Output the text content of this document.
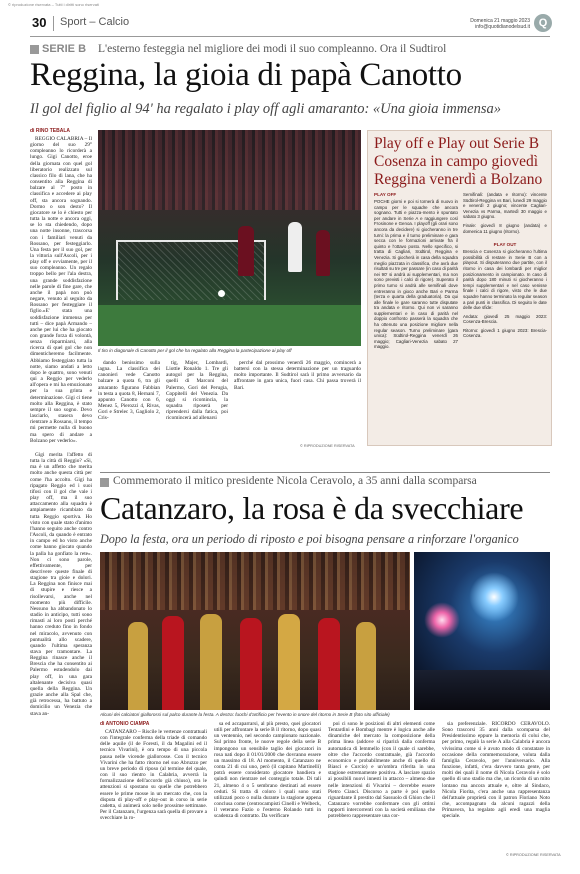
© riproduzione riservata – Tutti i diritti sono riservati
30 Sport – Calcio	Domenica 21 maggio 2023
info@quotidianodelsud.it Q
SERIE B L'esterno festeggia nel migliore dei modi il suo compleanno. Ora il Sudtirol
Reggina, la gioia di papà Canotto
Il gol del figlio al 94' ha regalato i play off agli amaranto: «Una gioia immensa»
di RINO TEBALA

REGGIO CALABRIA – Il giorno del suo 29° compleanno lo ricorderà a lungo. Gigi Canotto, eroe della giornata con quel gol liberatorio realizzato sul classico filo di lana, che ha consentito alla Reggina di balzare al 7° posto in classifica e accedere ai play off, sta ancora sognando. Dormo o son desto? Il giocatore se lo è chiesto per tutta la notte e ancora oggi, se lo sta chiedendo, dopo una notte insonne, trascorsa con i familiari venuti da Rossano, per festeggiarlo. Una festa per il suo gol, per la vittoria sull'Ascoli, per i play off e ovviamente, per il suo compleanno. Un regalo troppo bello per l'ala destra, una grande soddisfazione nelle parole di fine gare, che anche il papà non può negare, venuto al seguito da Rossano per festeggiare il figlio.«E' stata una soddisfazione immensa per tutti – dice papà Armando – anche per lui che ha giocato con grande forza di volontà, senza risparmiarsi, alla ricerca di quel gol che non dimenticheremo facilmente. Abbiamo festeggiato tutta la notte, siamo andati a letto dopo le quattro, sono venuti qui a Reggio per vederlo all'opera e mi ha emozionato per la sua grinta e determinazione. Gigi ci tiene molto alla Reggina, è stato sempre il suo sogno. Devo lasciarlo, stasera devo rientrare a Rossano, il tempo mi permette nulla di buono ma spero di andare a Bolzano per vederlo».

Gigi merita l'affetto di tutta la città di Reggio? «Si, ma è un affetto che merita molto anche questa città per come l'ha accolto. Gigi ha ripagato Reggio ed i suoi tifosi con il gol che vale i play off, ma il suo attaccamento alla squadra è ampiamente ricambiato da tutta Reggio sportiva. Ho visto con quale stato d'animo l'hanno seguito anche contro l'Ascoli, da quando è entrato in campo ed ho visto anche come hanno giocato quando la palla ha gonfiato la rete». Non ci sono parole, effettivamente, per descrivere queste finale di stagione tra gioie e dolori. La Reggina non finisce mai di stupire e riesce a risollevarsi, anche nel momento più difficile. Nessuno ha abbandonato lo stadio in anticipo, tutti sono rimasti ai loro posti perché hanno creduto fino in fondo nel miracolo, avvenuto con puntualità allo scadere, quando l'ultima speranza stava per tramontare. La Reggina rinasce anche il Brescia che ha consentito ai Palermo estudendolo dai play off, in una gara altalenante decisiva quasi quella della Reggina. Un grazie anche alla Spal che, già retrocessa, ha battuto a domicilio un Venezia che stava an-

Il tiro in diagonale di Canotto per il gol che ha regalato alla Reggina la partecipazione ai play off

dando benissimo sulla lagna. La classifica dei canonieri vede Canotto balzare a quota 6, tra gli amaranto figurano Fabbian in testa a quota 8, Hernani 7, appunto Canotto con 6, Menez 5, Pierozzi 4, Rivas, Gori e Strelec 3, Gagliolo 2, Cris-

tig, Majer, Lombardi, Liottie Ronaldo 1. Tre gli autogol per la Reggina, quelli di Marconi del Palermo, Gori del Perugia, Coppitelli del Venezia. Da oggi si ricomincia, la squadra riposerà per riprendersi dalla fatica, poi ricomincerà ad allenarsi

perché dal prossimo venerdì 26 maggio, comincerà a battersi con la stessa determinazione per un traguardo molto importante. Il Sudtirol sarà il primo avversario da affrontare in gara unica, fuori casa. Chi passa troverà il Bari.

© RIPRODUZIONE RISERVATA
Play off e Play out Serie B Cosenza in campo giovedì Reggina venerdì a Bolzano
PLAY OFF
POCHE giorni e poi si tornerà di nuovo in campo per le squadre che ancora sognano. Tutti e piazza-mento è spuntato per andare in Serie A e raggiungere così Frosinone e Genoa. I playoff (gli orari sono ancora da decidere) si giocheranno in tre turni: la prima e il turno preliminare e gara secca con le formazioni arrivate fra il quinto e l'ottavo posto. Nello specifico, si tratta di Cagliari, Südtirol, Reggina e Venezia. Si giocherà in casa della squadra meglio piazzata in classifica, che avrà due risultati su tre per passare (in caso di parità nei 90' si andrà ai supplementari, ma non sono previsti i calci di rigore). Superato il primo turno si andrà alle semifinali dove entreranno in gioco anche Bari e Parma (terza e quarta della graduatoria). Da qui alle finale le gare saranno tutte disputate tra andata e ritorno. Qui non vi saranno supplementari e in caso di parità nel doppio confronto passerà la squadra che ha ottenuto una posizione migliore nella regular season. Turno preliminare (gara unica): Südtirol-Reggina venerdì 26 maggio; Cagliari-Venezia sabato 27 maggio.
Semifinali: (andata e ritorno): vincente Südtirol-Reggina vs Bari, lunedì 29 maggio e venerdì 2 giugno; vincente Cagliari-Venezia vs Parma, martedì 30 maggio e sabato 3 giugno.
Finale: giovedì 8 giugno (andata) e domenica 11 giugno (ritorno).
PLAY OUT
Brescia e Cosenza si giocheranno l'ultima possibilità di restare in Serie B con a playout. Si disputeranno due partite, con il ritorno in casa dei lombardi per miglior posizionamento in campionato. In caso di parità dopo 180 minuti si giocheranno i tempi supplementari e nel caso venisse finale i calci di rigore, visto che le due squadre hanno terminato la regular season a pari punti in classifica. Di seguito le date delle due sfide:
Andata: giovedì 25 maggio 2023: Cosenza-Brescia.
Ritorno: giovedì 1 giugno 2023: Brescia-Cosenza.
Commemorato il mitico presidente Nicola Ceravolo, a 35 anni dalla scomparsa
Catanzaro, la rosa è da svecchiare
Dopo la festa, ora un periodo di riposto e poi bisogna pensare a rinforzare l'organico
Alcuni dei calciatori giallorossi sul palco durante la festa. A destra: fuochi d'artificio per l'evento in onore del ritorno in Serie B (foto sito ufficiale)
di ANTONIO CIAMPA

CATANZARO – Riscile le vertenze contrattuali con l'integrale conferma della triade di comando delle aquile (il de Foresti, il da Magalini ed il tecnico Vivarini), è ora tempo di una piccola pausa nelle vicende giallorosse. Con il tecnico Vivarini che ha fatto ritorno nel suo Abruzzo per un breve periodo di riposo (al termine del quale, con il suo rientro in Calabria, avverrà la formalizzazione dell'accordo già chiuso), ora le attenzioni si spostano su quelle che potrebbero essere le prime mosse in un mercato che, con la disputa di play-off e play-out in corso in serie cadetta, si animerà solo nelle prossime settimane. Per il Catanzaro, l'urgenza sarà quella di provare a svecchiare la ro-

sa ed accaparrarsi, al più presto, quei giocatori utili per affrontare la serie B il ritorno, dopo quasi un ventennio, nel secondo campionato nazionale. Sul primo fronte, le nuove regole della serie B impongono un sensibile taglio dei giocatori in rosa nati dopo il 01/01/2000 che dovranno essere un massimo di 18. Al momento, il Catanzaro ne conta 21 di cui uno, però (il capitano Martinelli) potrà essere considerato giocatore bandiera e quindi non rientrare nel conteggio totale. Di tali 21, almeno 4 o 5 sembrano destinati ad essere ceduti. Si tratta di coloro i quali sono stati utilizzati poco o nulla durante la stagione appena conclusa come (centrocampisti Cinelli e Welbeck, il veterano Fazio o l'esterno Rolando tutti in scadenza di contratto. Da verificare

poi ci sono le posizioni di altri elementi come Tentardini e Bombagi mentre è logica anche alle dinamiche del mercato la composizione della prima linea (addove si riparirà dalla conferma automatica di Iemmello (con il quale ci sarebbe, oltre che l'accordo contrattuale, già l'accordo economico e probabilmente anche di quello di Biasci e Curcio) e un'ombra riferita in una stagione estremamente positiva. A lasciare spazio ai possibili nuovi innesti in attacco – almeno due nelle intenzioni di Vivarini – dovrebbe essere Pietro Cianci. Discorso a parte è poi quello riguardante il prestito dal Sassuolo di Ghion che il Catanzaro vorrebbe confermare con gli ottimi rapporti intercorrenti con la società emiliana che potrebbero rappresentare una cor-

sia preferenziale. RICORDO CERAVOLO. Sono trascorsi 35 anni dalla scomparsa del Presidentissimo eppure la memoria di colui che, per primo, regalò la serie A alla Calabria è ancora vivissima come si è avuto modo di constatare in occasione della commemorazione, voluta dalla famiglia Ceravolo, per l'anniversario. Alla funzione, infatti, c'era davvero tanta gente, per molti dei quali il nome di Nicola Ceravolo è solo quello di uno stadio ma che, un ricordo di un mito lontano ma ancora attuale e, oltre al Sindaco, Nicola Fiorita, c'era anche una rappresentanza dell'attuale proprietà con il patron Floriano Noto che, accompagnato da alcuni ragazzi della Primavera, ha regalato agli eredi una maglia speciale.

© RIPRODUZIONE RISERVATA
